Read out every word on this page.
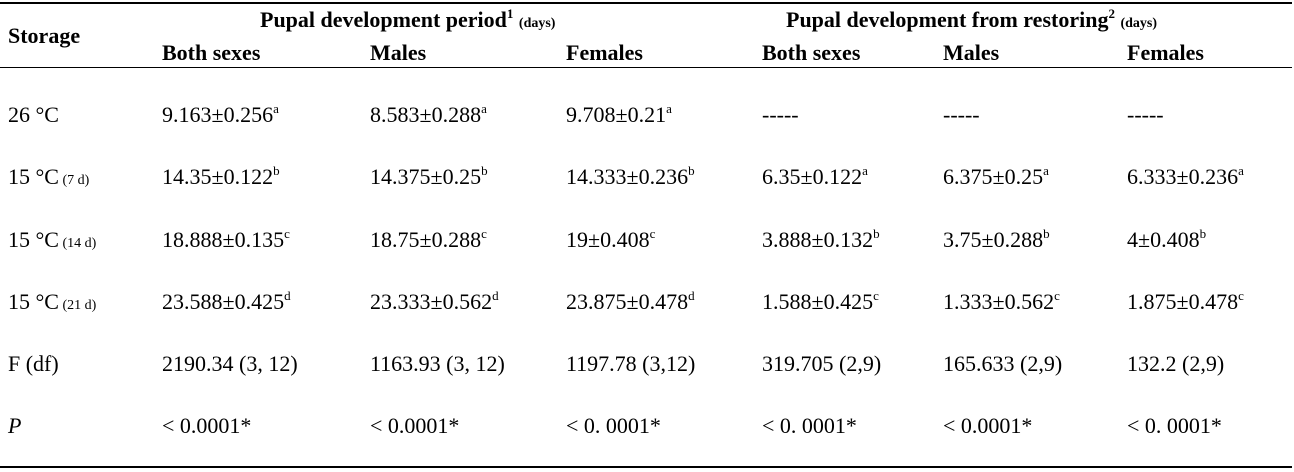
Storage
Pupal development period$^1$ (days)	Pupal development from restoring$^2$ (days)
Both sexes	Males	Females	Both sexes	Males	Females
26 °C	9.163±0.256$^a$	8.583±0.288$^a$	9.708±0.21$^a$	-----	-----	-----
15 °C (7 d)	14.35±0.122$^b$	14.375±0.25$^b$	14.333±0.236$^b$	6.35±0.122$^a$	6.375±0.25$^a$	6.333±0.236$^a$
15 °C (14 d)	18.888±0.135$^c$	18.75±0.288$^c$	19±0.408$^c$	3.888±0.132$^b$	3.75±0.288$^b$	4±0.408$^b$
15 °C (21 d)	23.588±0.425$^d$	23.333±0.562$^d$	23.875±0.478$^d$	1.588±0.425$^c$	1.333±0.562$^c$	1.875±0.478$^c$
F (df)	2190.34 (3, 12)	1163.93 (3, 12)	1197.78 (3,12)	319.705 (2,9)	165.633 (2,9)	132.2 (2,9)
P	< 0.0001*	< 0.0001*	< 0. 0001*	< 0. 0001*	< 0.0001*	< 0. 0001*
